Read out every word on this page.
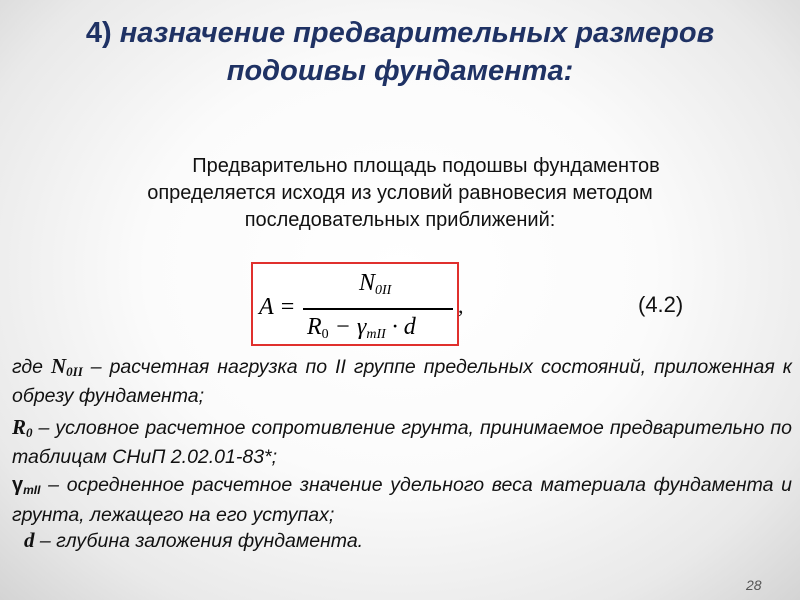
4) назначение предварительных размеров
подошвы фундамента:
Предварительно площадь подошвы фундаментов
определяется исходя из условий равновесия методом
последовательных приближений:
A =
$N_{0II}$
$R_0 - \gamma_{mII} \cdot d$
,	(4.2)
где $N_{0II}$ – расчетная нагрузка по II группе предельных состояний, приложенная к обрезу фундамента;
$R_0$ – условное расчетное сопротивление грунта, принимаемое предварительно по таблицам СНиП 2.02.01-83*;
$\gamma_{mII}$ – осредненное расчетное значение удельного веса материала фундамента и грунта, лежащего на его уступах;
d – глубина заложения фундамента.
28
